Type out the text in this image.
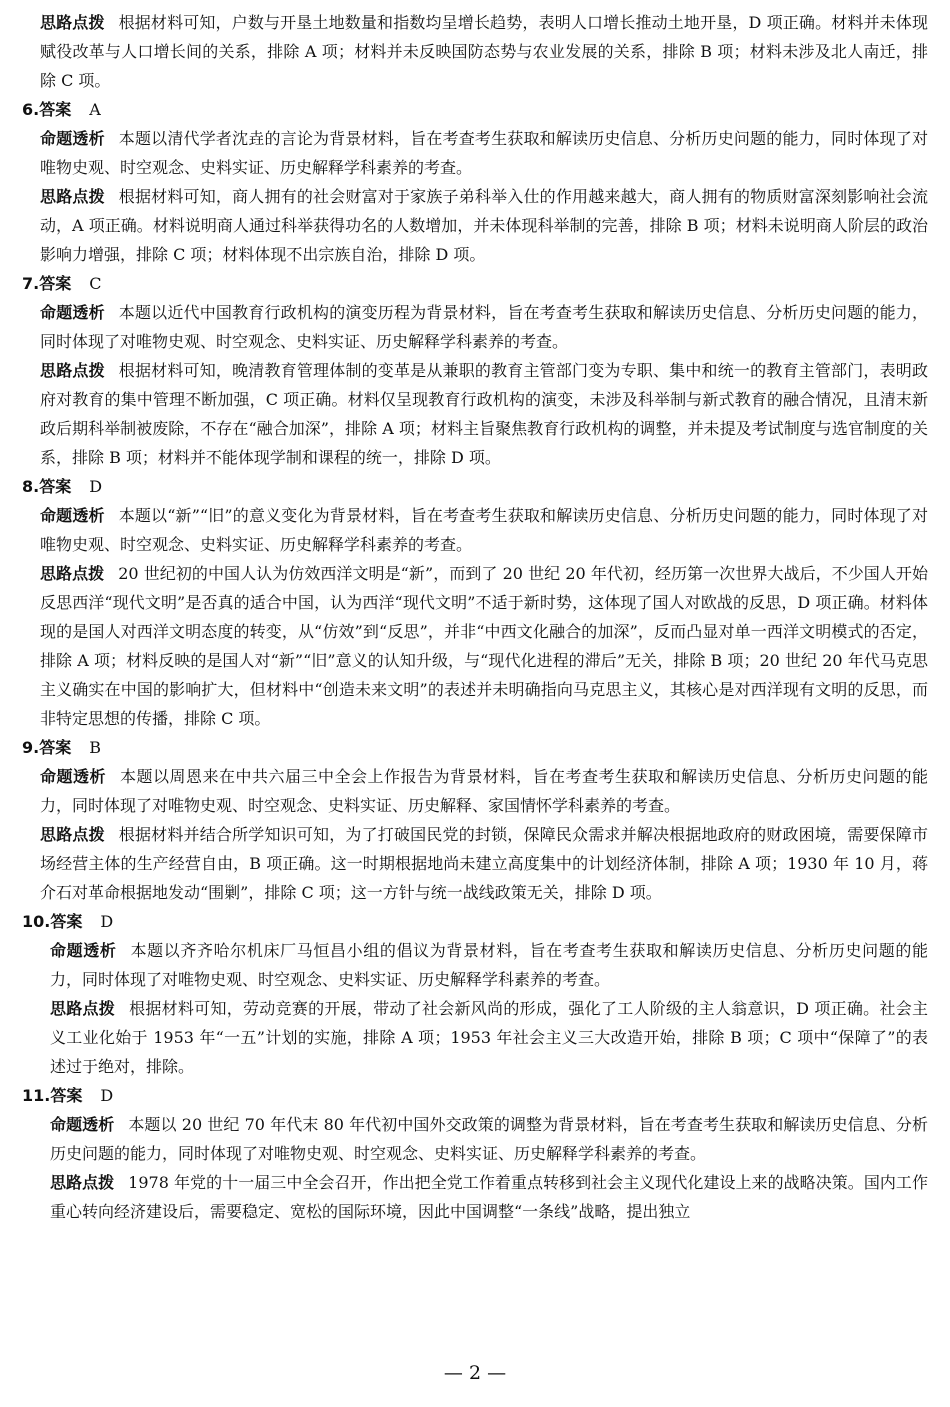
思路点拨 根据材料可知，户数与开垦土地数量和指数均呈增长趋势，表明人口增长推动土地开垦，D 项正确。材料并未体现赋役改革与人口增长间的关系，排除 A 项；材料并未反映国防态势与农业发展的关系，排除 B 项；材料未涉及北人南迁，排除 C 项。

6.答案 A

命题透析 本题以清代学者沈垚的言论为背景材料，旨在考查考生获取和解读历史信息、分析历史问题的能力，同时体现了对唯物史观、时空观念、史料实证、历史解释学科素养的考查。

思路点拨 根据材料可知，商人拥有的社会财富对于家族子弟科举入仕的作用越来越大，商人拥有的物质财富深刻影响社会流动，A 项正确。材料说明商人通过科举获得功名的人数增加，并未体现科举制的完善，排除 B 项；材料未说明商人阶层的政治影响力增强，排除 C 项；材料体现不出宗族自治，排除 D 项。

7.答案 C

命题透析 本题以近代中国教育行政机构的演变历程为背景材料，旨在考查考生获取和解读历史信息、分析历史问题的能力，同时体现了对唯物史观、时空观念、史料实证、历史解释学科素养的考查。

思路点拨 根据材料可知，晚清教育管理体制的变革是从兼职的教育主管部门变为专职、集中和统一的教育主管部门，表明政府对教育的集中管理不断加强，C 项正确。材料仅呈现教育行政机构的演变，未涉及科举制与新式教育的融合情况，且清末新政后期科举制被废除，不存在“融合加深”，排除 A 项；材料主旨聚焦教育行政机构的调整，并未提及考试制度与选官制度的关系，排除 B 项；材料并不能体现学制和课程的统一，排除 D 项。

8.答案 D

命题透析 本题以“新”“旧”的意义变化为背景材料，旨在考查考生获取和解读历史信息、分析历史问题的能力，同时体现了对唯物史观、时空观念、史料实证、历史解释学科素养的考查。

思路点拨 20 世纪初的中国人认为仿效西洋文明是“新”，而到了 20 世纪 20 年代初，经历第一次世界大战后，不少国人开始反思西洋“现代文明”是否真的适合中国，认为西洋“现代文明”不适于新时势，这体现了国人对欧战的反思，D 项正确。材料体现的是国人对西洋文明态度的转变，从“仿效”到“反思”，并非“中西文化融合的加深”，反而凸显对单一西洋文明模式的否定，排除 A 项；材料反映的是国人对“新”“旧”意义的认知升级，与“现代化进程的滞后”无关，排除 B 项；20 世纪 20 年代马克思主义确实在中国的影响扩大，但材料中“创造未来文明”的表述并未明确指向马克思主义，其核心是对西洋现有文明的反思，而非特定思想的传播，排除 C 项。

9.答案 B

命题透析 本题以周恩来在中共六届三中全会上作报告为背景材料，旨在考查考生获取和解读历史信息、分析历史问题的能力，同时体现了对唯物史观、时空观念、史料实证、历史解释、家国情怀学科素养的考查。

思路点拨 根据材料并结合所学知识可知，为了打破国民党的封锁，保障民众需求并解决根据地政府的财政困境，需要保障市场经营主体的生产经营自由，B 项正确。这一时期根据地尚未建立高度集中的计划经济体制，排除 A 项；1930 年 10 月，蒋介石对革命根据地发动“围剿”，排除 C 项；这一方针与统一战线政策无关，排除 D 项。

10.答案 D

命题透析 本题以齐齐哈尔机床厂马恒昌小组的倡议为背景材料，旨在考查考生获取和解读历史信息、分析历史问题的能力，同时体现了对唯物史观、时空观念、史料实证、历史解释学科素养的考查。

思路点拨 根据材料可知，劳动竞赛的开展，带动了社会新风尚的形成，强化了工人阶级的主人翁意识，D 项正确。社会主义工业化始于 1953 年“一五”计划的实施，排除 A 项；1953 年社会主义三大改造开始，排除 B 项；C 项中“保障了”的表述过于绝对，排除。

11.答案 D

命题透析 本题以 20 世纪 70 年代末 80 年代初中国外交政策的调整为背景材料，旨在考查考生获取和解读历史信息、分析历史问题的能力，同时体现了对唯物史观、时空观念、史料实证、历史解释学科素养的考查。

思路点拨 1978 年党的十一届三中全会召开，作出把全党工作着重点转移到社会主义现代化建设上来的战略决策。国内工作重心转向经济建设后，需要稳定、宽松的国际环境，因此中国调整“一条线”战略，提出独立

— 2 —
